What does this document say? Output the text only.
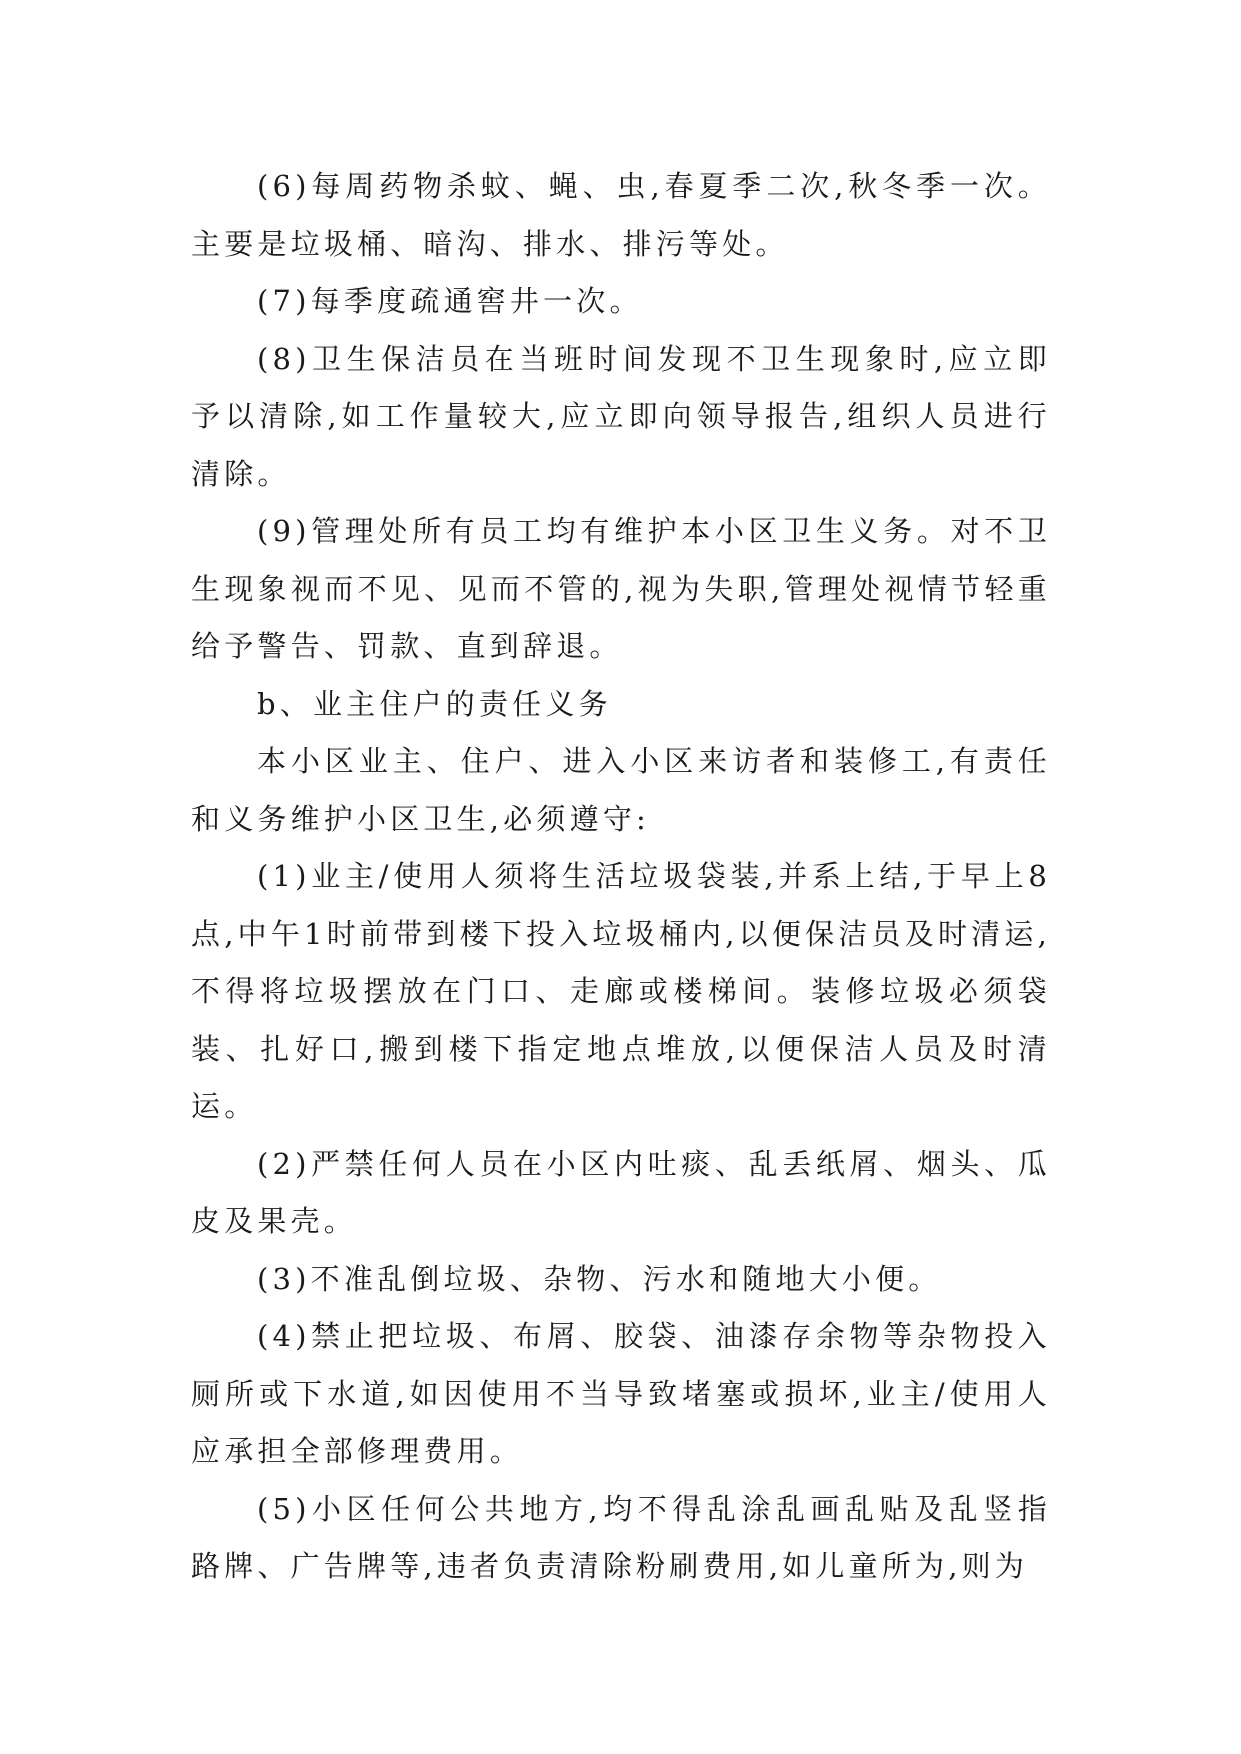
(6)每周药物杀蚊、蝇、虫,春夏季二次,秋冬季一次。主要是垃圾桶、暗沟、排水、排污等处。

(7)每季度疏通窖井一次。

(8)卫生保洁员在当班时间发现不卫生现象时,应立即予以清除,如工作量较大,应立即向领导报告,组织人员进行清除。

(9)管理处所有员工均有维护本小区卫生义务。对不卫生现象视而不见、见而不管的,视为失职,管理处视情节轻重给予警告、罚款、直到辞退。

b、业主住户的责任义务

本小区业主、住户、进入小区来访者和装修工,有责任和义务维护小区卫生,必须遵守:

(1)业主/使用人须将生活垃圾袋装,并系上结,于早上8点,中午1时前带到楼下投入垃圾桶内,以便保洁员及时清运,不得将垃圾摆放在门口、走廊或楼梯间。装修垃圾必须袋装、扎好口,搬到楼下指定地点堆放,以便保洁人员及时清运。

(2)严禁任何人员在小区内吐痰、乱丢纸屑、烟头、瓜皮及果壳。

(3)不准乱倒垃圾、杂物、污水和随地大小便。

(4)禁止把垃圾、布屑、胶袋、油漆存余物等杂物投入厕所或下水道,如因使用不当导致堵塞或损坏,业主/使用人应承担全部修理费用。

(5)小区任何公共地方,均不得乱涂乱画乱贴及乱竖指路牌、广告牌等,违者负责清除粉刷费用,如儿童所为,则为
